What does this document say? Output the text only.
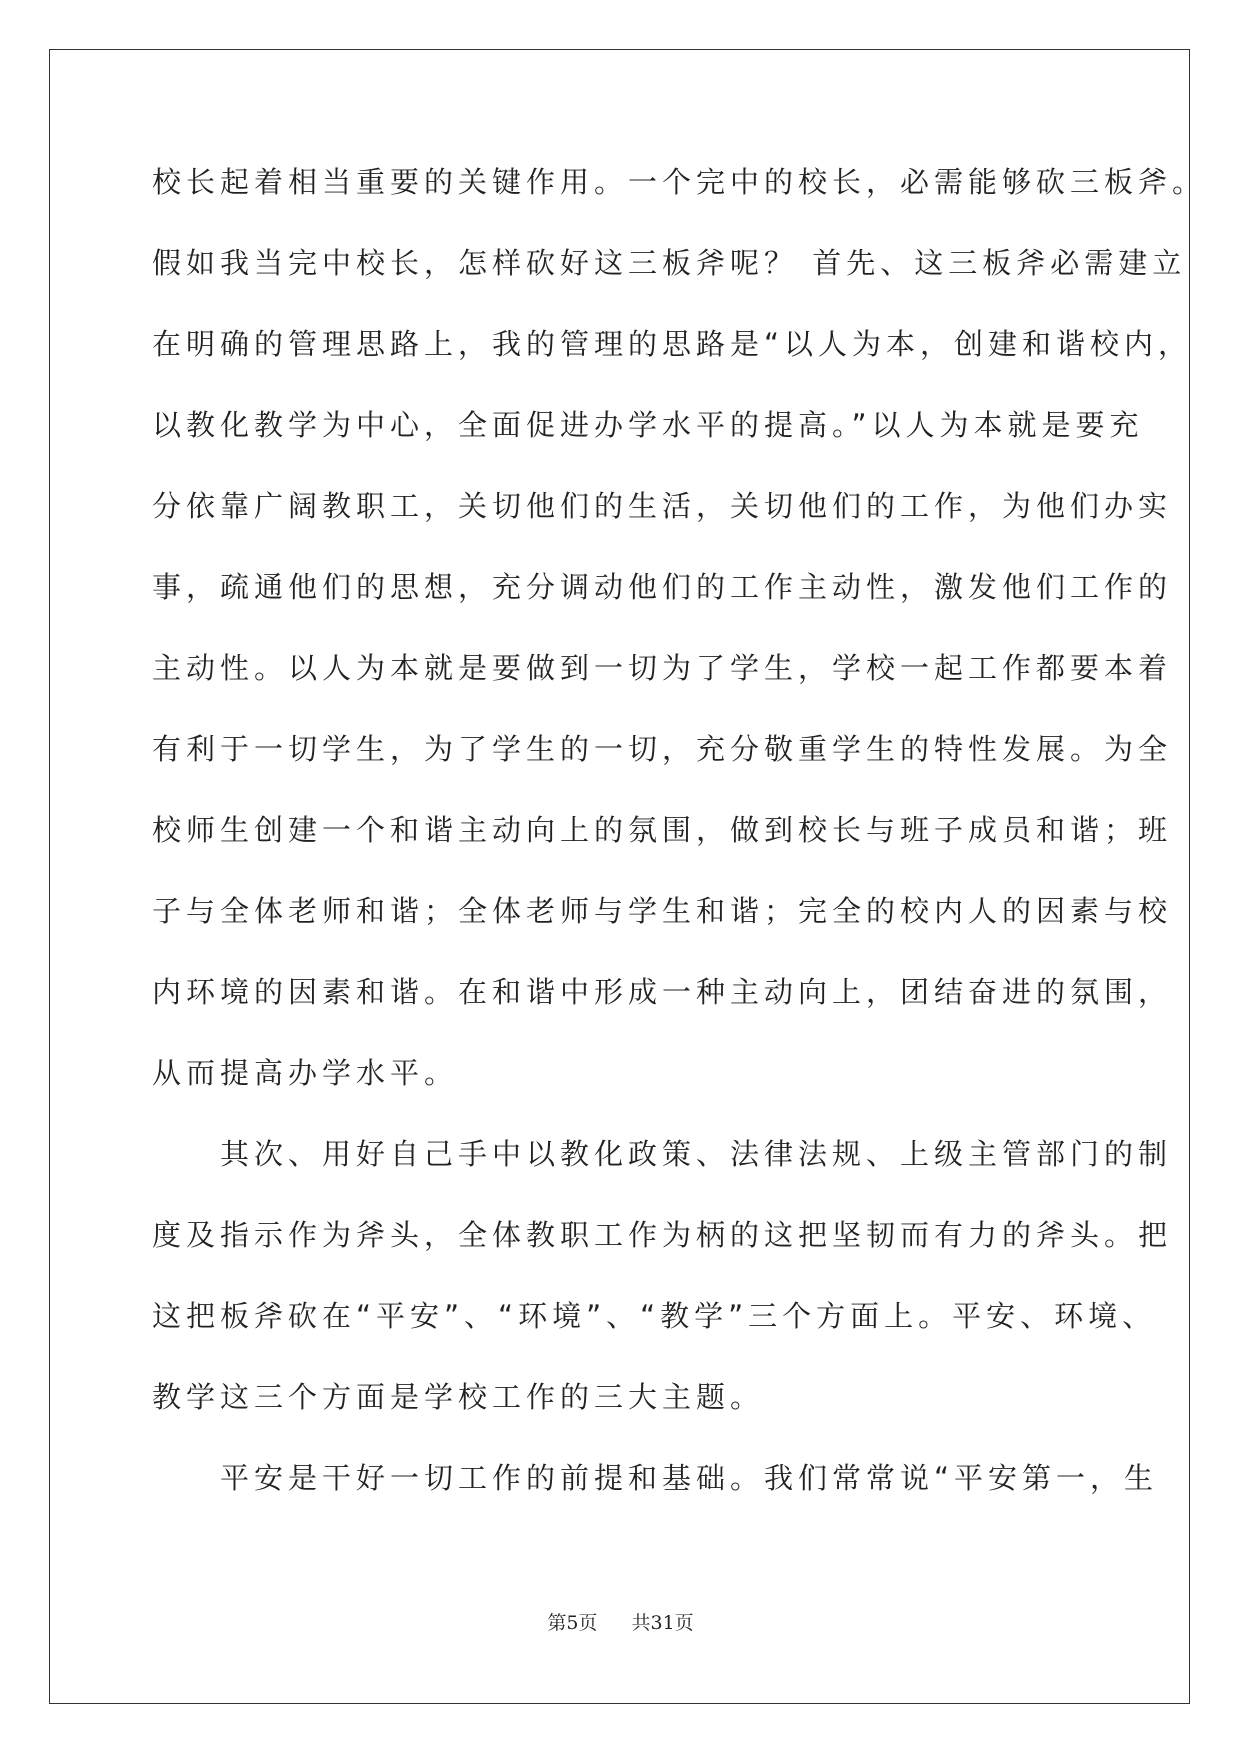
校长起着相当重要的关键作用。一个完中的校长，必需能够砍三板斧。
假如我当完中校长，怎样砍好这三板斧呢？ 首先、这三板斧必需建立
在明确的管理思路上，我的管理的思路是“以人为本，创建和谐校内，
以教化教学为中心，全面促进办学水平的提高。”以人为本就是要充
分依靠广阔教职工，关切他们的生活，关切他们的工作，为他们办实
事，疏通他们的思想，充分调动他们的工作主动性，激发他们工作的
主动性。以人为本就是要做到一切为了学生，学校一起工作都要本着
有利于一切学生，为了学生的一切，充分敬重学生的特性发展。为全
校师生创建一个和谐主动向上的氛围，做到校长与班子成员和谐；班
子与全体老师和谐；全体老师与学生和谐；完全的校内人的因素与校
内环境的因素和谐。在和谐中形成一种主动向上，团结奋进的氛围，
从而提高办学水平。
　　其次、用好自己手中以教化政策、法律法规、上级主管部门的制
度及指示作为斧头，全体教职工作为柄的这把坚韧而有力的斧头。把
这把板斧砍在“平安”、“环境”、“教学”三个方面上。平安、环境、
教学这三个方面是学校工作的三大主题。
　　平安是干好一切工作的前提和基础。我们常常说“平安第一，生
第5页 共31页
